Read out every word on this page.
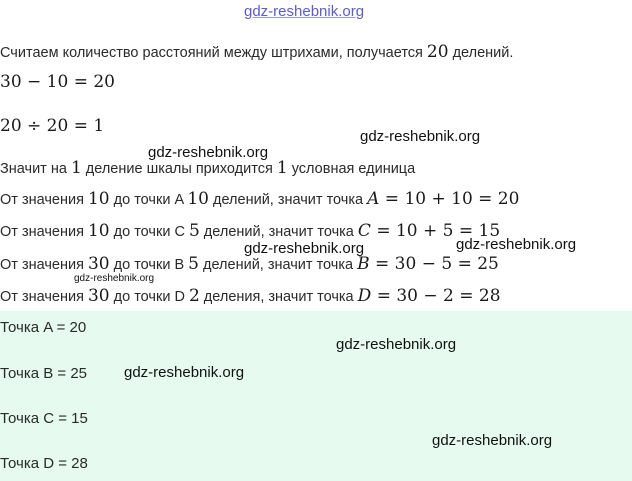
gdz-reshebnik.org
Считаем количество расстояний между штрихами, получается 20 делений.
30 − 10 = 20
20 ÷ 20 = 1
Значит на 1 деление шкалы приходится 1 условная единица
От значения 10 до точки A 10 делений, значит точка A = 10 + 10 = 20
От значения 10 до точки C 5 делений, значит точка C = 10 + 5 = 15
От значения 30 до точки B 5 делений, значит точка B = 30 − 5 = 25
От значения 30 до точки D 2 деления, значит точка D = 30 − 2 = 28
Точка A = 20
Точка B = 25
Точка C = 15
Точка D = 28
gdz-reshebnik.org
gdz-reshebnik.org
gdz-reshebnik.org	gdz-reshebnik.org
gdz-reshebnik.org
gdz-reshebnik.org
gdz-reshebnik.org
gdz-reshebnik.org
